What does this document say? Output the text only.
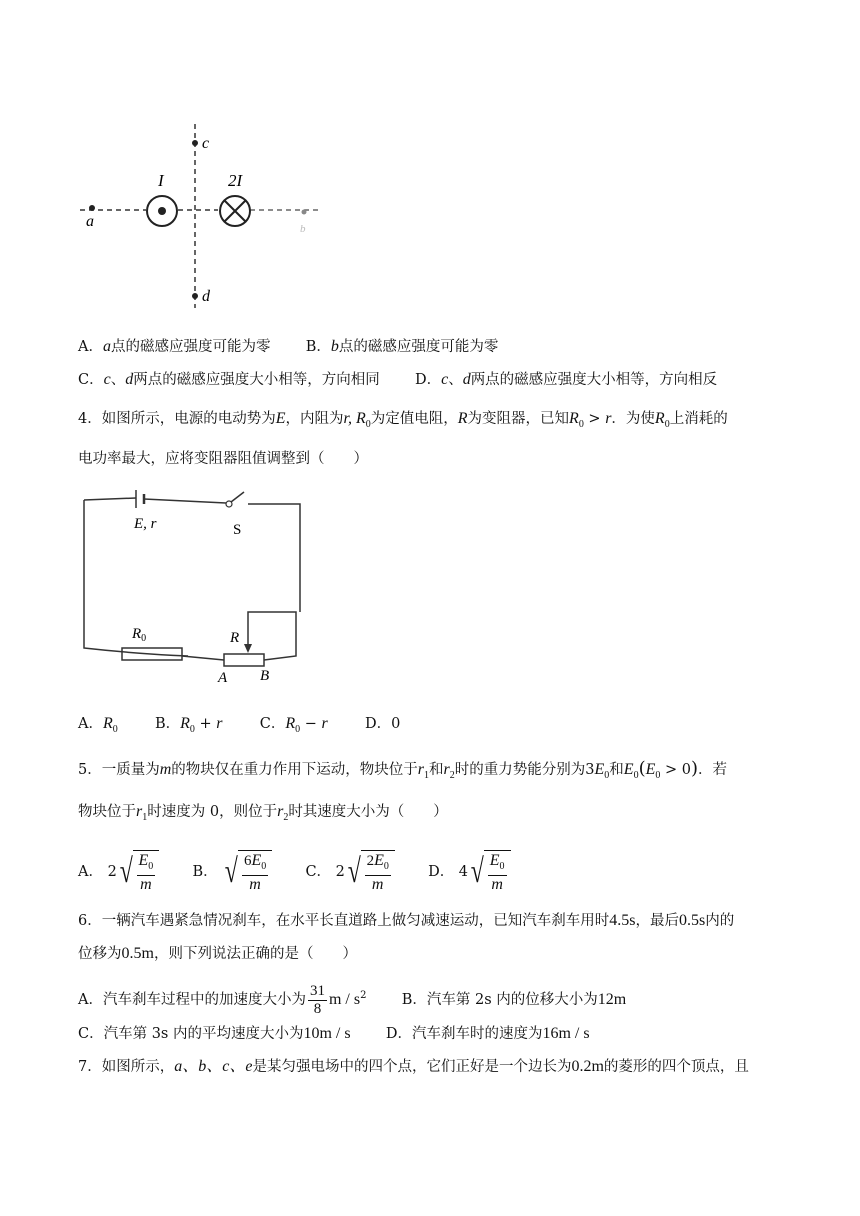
I	2I
a
c
d
b
A．a点的磁感应强度可能为零 B．b点的磁感应强度可能为零
C．c、d两点的磁感应强度大小相等，方向相同 D．c、d两点的磁感应强度大小相等，方向相反
4．如图所示，电源的电动势为E，内阻为r, $R_0$为定值电阻，R为变阻器，已知$R_0 > r$．为使$R_0$上消耗的
电功率最大，应将变阻器阻值调整到（　　）
E, r	S
$R_0$	R
A B
A．$R_0$	B．$R_0 + r$	C．$R_0 - r$	D．0
5．一质量为m的物块仅在重力作用下运动，物块位于$r_1$和$r_2$时的重力势能分别为$3E_0$和$E_0(E_0 > 0)$．若
物块位于$r_1$时速度为 0，则位于$r_2$时其速度大小为（　　）
A． 2 √ $\frac{E_0}{m}$	B． √ $\frac{6E_0}{m}$	C． 2 √ $\frac{2E_0}{m}$	D． 4 √ $\frac{E_0}{m}$
6．一辆汽车遇紧急情况刹车，在水平长直道路上做匀减速运动，已知汽车刹车用时4.5s，最后0.5s内的
位移为0.5m，则下列说法正确的是（　　）
A．汽车刹车过程中的加速度大小为 $\frac{31}{8}$ m / $s^2$ B．汽车第 2s 内的位移大小为12m
C．汽车第 3s 内的平均速度大小为10m / s D．汽车刹车时的速度为16m / s
7．如图所示，a、b、c、e是某匀强电场中的四个点，它们正好是一个边长为0.2m的菱形的四个顶点，且
